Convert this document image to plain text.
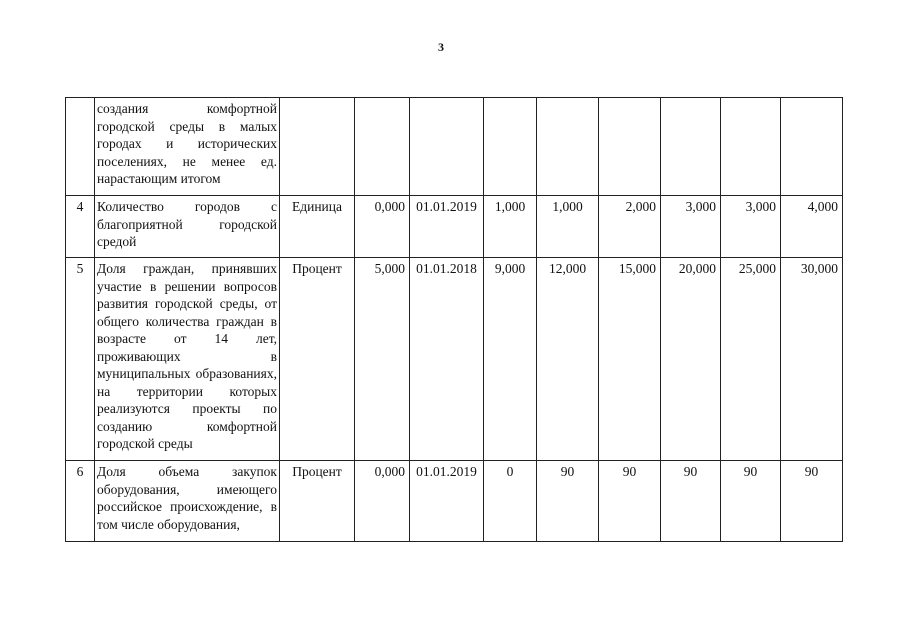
3
	создания комфортной городской среды в малых городах и исторических поселениях, не менее ед. нарастающим итогом									
4	Количество городов с благоприятной городской средой	Единица	0,000	01.01.2019	1,000	1,000	2,000	3,000	3,000	4,000
5	Доля граждан, принявших участие в решении вопросов развития городской среды, от общего количества граждан в возрасте от 14 лет, проживающих в муниципальных образованиях, на территории которых реализуются проекты по созданию комфортной городской среды	Процент	5,000	01.01.2018	9,000	12,000	15,000	20,000	25,000	30,000
6	Доля объема закупок оборудования, имеющего российское происхождение, в том числе оборудования,	Процент	0,000	01.01.2019	0	90	90	90	90	90
